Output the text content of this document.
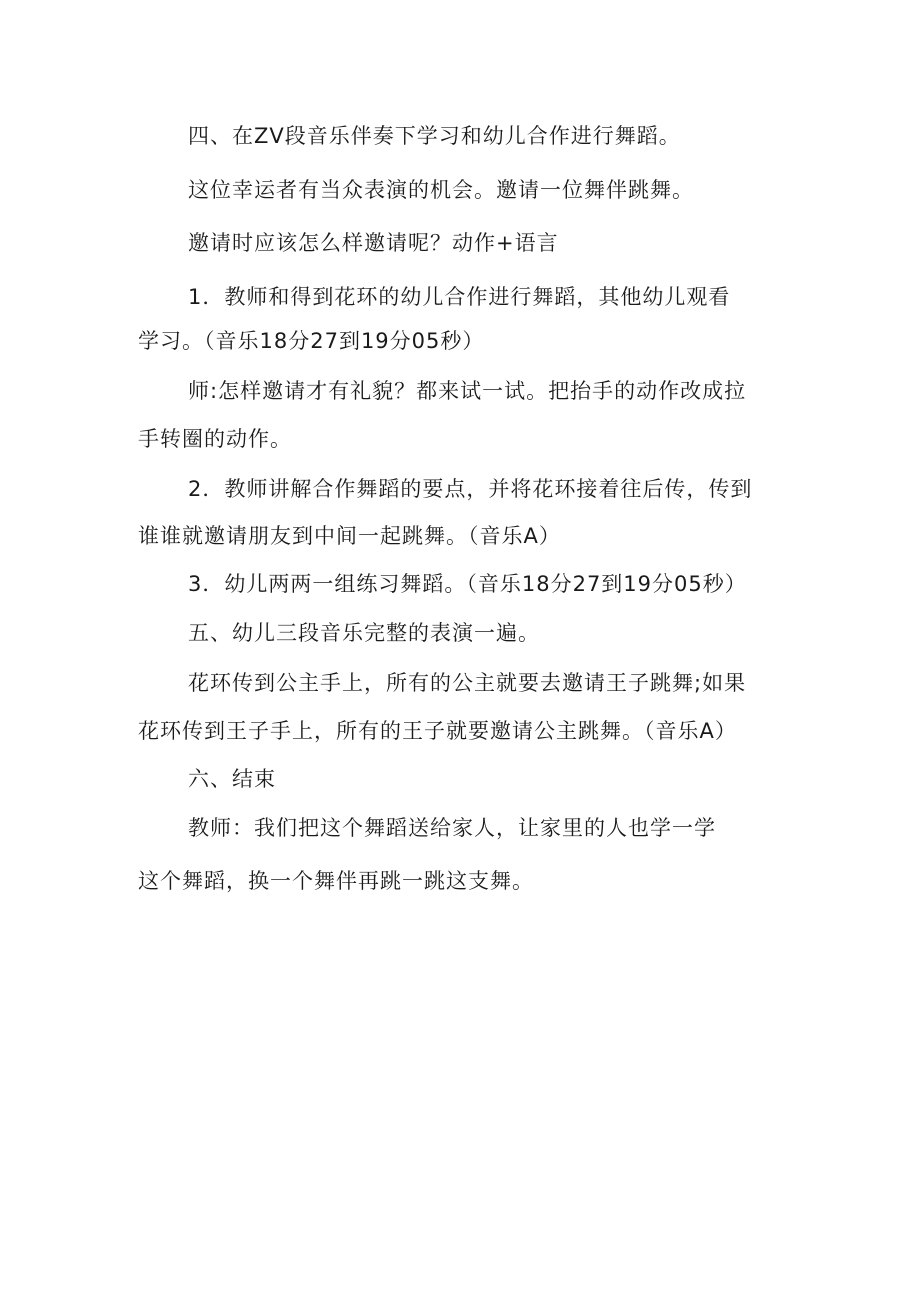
四、在ZV段音乐伴奏下学习和幼儿合作进行舞蹈。
这位幸运者有当众表演的机会。邀请一位舞伴跳舞。
邀请时应该怎么样邀请呢？动作+语言
1．教师和得到花环的幼儿合作进行舞蹈，其他幼儿观看
学习。（音乐18分27到19分05秒）
师:怎样邀请才有礼貌？都来试一试。把抬手的动作改成拉
手转圈的动作。
2．教师讲解合作舞蹈的要点，并将花环接着往后传，传到
谁谁就邀请朋友到中间一起跳舞。（音乐A）
3．幼儿两两一组练习舞蹈。（音乐18分27到19分05秒）
五、幼儿三段音乐完整的表演一遍。
花环传到公主手上，所有的公主就要去邀请王子跳舞;如果
花环传到王子手上，所有的王子就要邀请公主跳舞。（音乐A）
六、结束
教师：我们把这个舞蹈送给家人，让家里的人也学一学
这个舞蹈，换一个舞伴再跳一跳这支舞。
